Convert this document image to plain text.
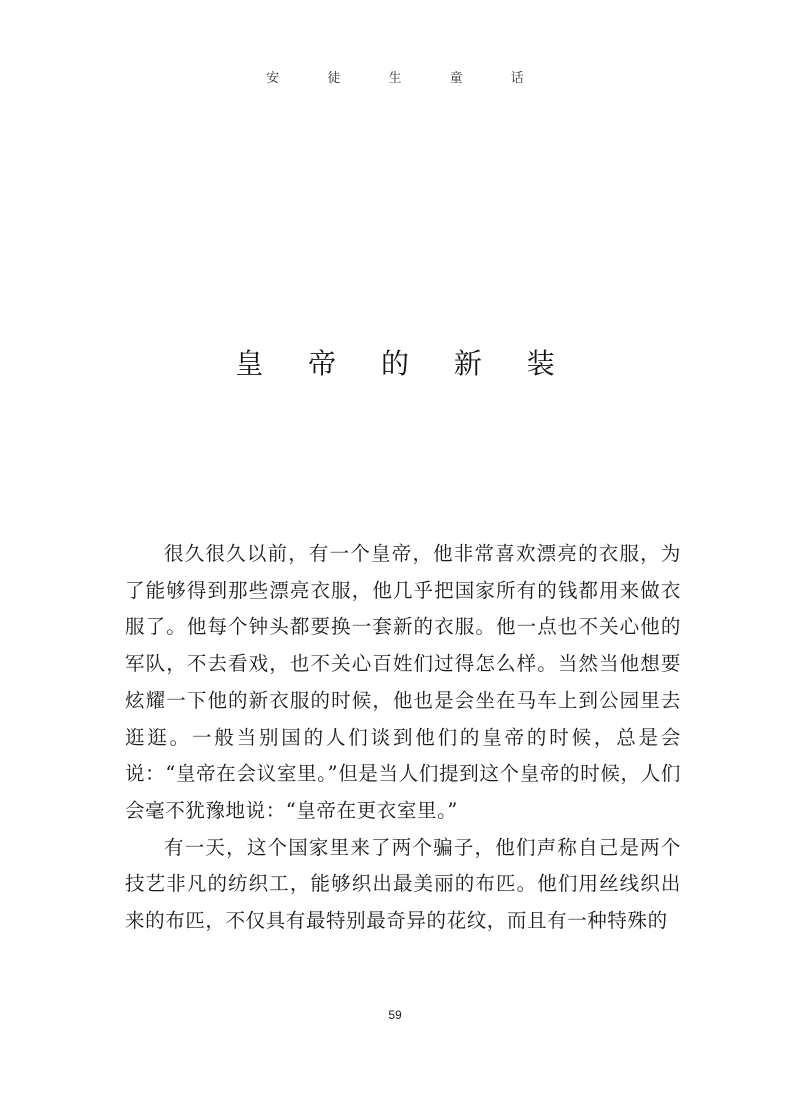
安 徒 生 童 话
皇 帝 的 新 装

很久很久以前，有一个皇帝，他非常喜欢漂亮的衣服，为了能够得到那些漂亮衣服，他几乎把国家所有的钱都用来做衣服了。他每个钟头都要换一套新的衣服。他一点也不关心他的军队，不去看戏，也不关心百姓们过得怎么样。当然当他想要炫耀一下他的新衣服的时候，他也是会坐在马车上到公园里去逛逛。一般当别国的人们谈到他们的皇帝的时候，总是会说：“皇帝在会议室里。”但是当人们提到这个皇帝的时候，人们会毫不犹豫地说：“皇帝在更衣室里。”

有一天，这个国家里来了两个骗子，他们声称自己是两个技艺非凡的纺织工，能够织出最美丽的布匹。他们用丝线织出来的布匹，不仅具有最特别最奇异的花纹，而且有一种特殊的

59
